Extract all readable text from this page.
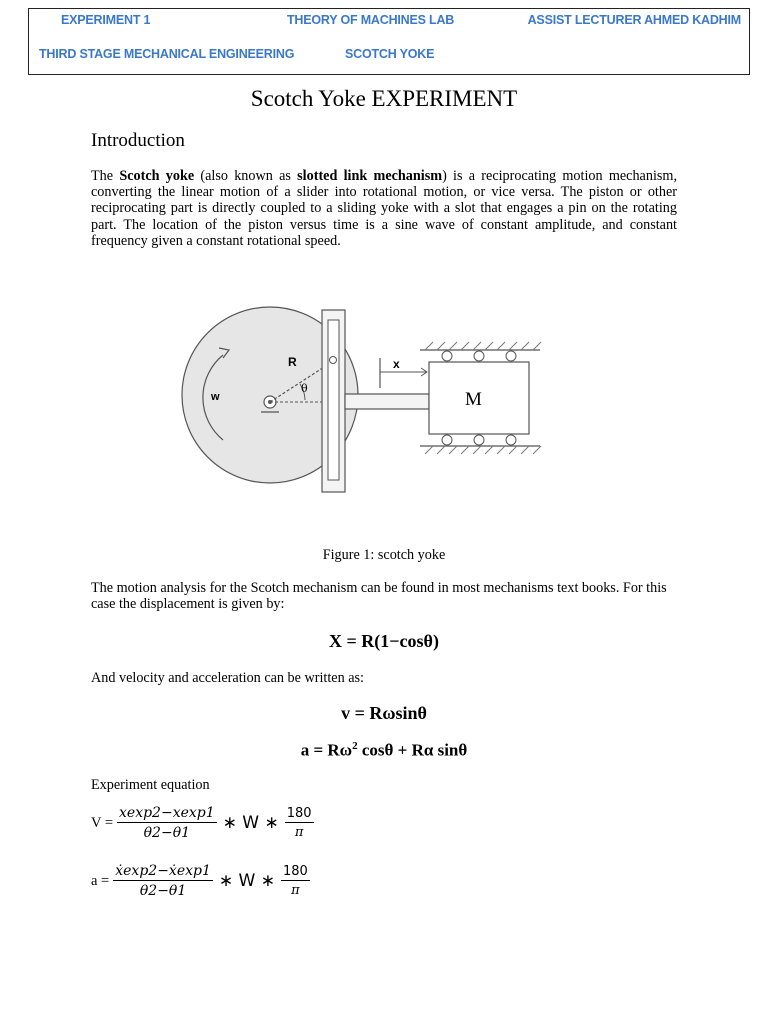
EXPERIMENT 1	THEORY OF MACHINES LAB	ASSIST LECTURER AHMED KADHIM
THIRD STAGE MECHANICAL ENGINEERING	SCOTCH YOKE
Scotch Yoke EXPERIMENT
Introduction
The Scotch yoke (also known as slotted link mechanism) is a reciprocating motion mechanism, converting the linear motion of a slider into rotational motion, or vice versa. The piston or other reciprocating part is directly coupled to a sliding yoke with a slot that engages a pin on the rotating part. The location of the piston versus time is a sine wave of constant amplitude, and constant frequency given a constant rotational speed.
R
θ
w
x
M
Figure 1: scotch yoke
The motion analysis for the Scotch mechanism can be found in most mechanisms text books. For this case the displacement is given by:
X = R(1−cosθ)
And velocity and acceleration can be written as:
v = Rωsinθ
$a = R\omega^2$ cosθ + Rα sinθ
Experiment equation
$V = \frac{xexp2-xexp1}{\theta 2-\theta 1}$ ∗ W ∗ $\frac{180}{\pi}$
$a = \frac{\text{ẋexp2−ẋexp1}}{\theta 2-\theta 1}$ ∗ W ∗ $\frac{180}{\pi}$
